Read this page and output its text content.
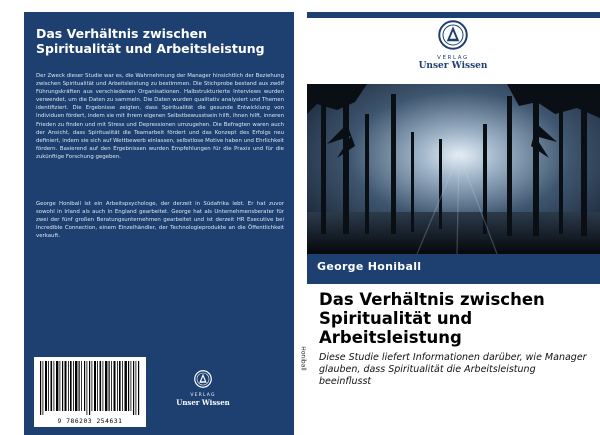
Das Verhältnis zwischen Spiritualität und Arbeitsleistung
Der Zweck dieser Studie war es, die Wahrnehmung der Manager hinsichtlich der Beziehung zwischen Spiritualität und Arbeitsleistung zu bestimmen. Die Stichprobe bestand aus zwölf Führungskräften aus verschiedenen Organisationen. Halbstrukturierte Interviews wurden verwendet, um die Daten zu sammeln. Die Daten wurden qualitativ analysiert und Themen identifiziert. Die Ergebnisse zeigten, dass Spiritualität die gesunde Entwicklung von Individuen fördert, indem sie mit ihrem eigenen Selbstbewusstsein hilft, ihnen hilft, inneren Frieden zu finden und mit Stress und Depressionen umzugehen. Die Befragten waren auch der Ansicht, dass Spiritualität die Teamarbeit fördert und das Konzept des Erfolgs neu definiert, indem sie sich auf Wettbewerb einlassen, selbstlose Motive haben und Ehrlichkeit fördern. Basierend auf den Ergebnissen wurden Empfehlungen für die Praxis und für die zukünftige Forschung gegeben.
George Honiball ist ein Arbeitspsychologe, der derzeit in Südafrika lebt. Er hat zuvor sowohl in Irland als auch in England gearbeitet. George hat als Unternehmensberater für zwei der fünf großen Beratungsunternehmen gearbeitet und ist derzeit HR Executive bei Incredible Connection, einem Einzelhändler, der Technologieprodukte an die Öffentlichkeit verkauft.
9 786203 254631
VERLAG
Unser Wissen
Honiball
VERLAG
Unser Wissen
George Honiball
Das Verhältnis zwischen Spiritualität und Arbeitsleistung
Diese Studie liefert Informationen darüber, wie Manager glauben, dass Spiritualität die Arbeitsleistung beeinflusst
